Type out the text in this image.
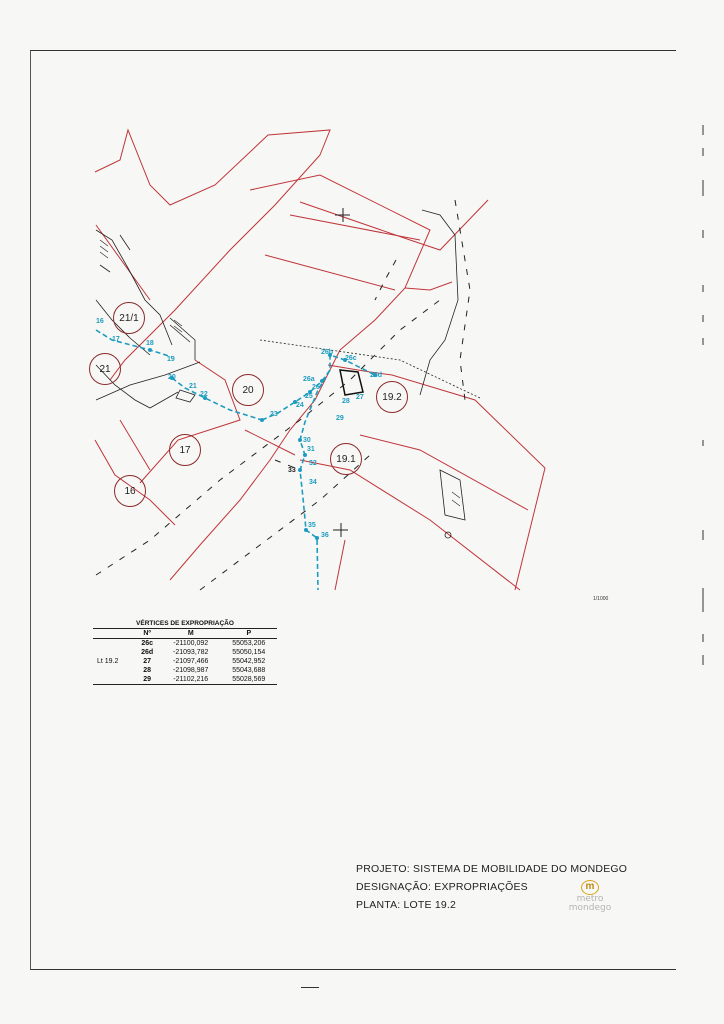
21/1
21
20
17
16
19.1
19.2
16
17
18
19
20
21
22
23
24
25
26
26a
26b
26c
26d
27
28
29
30
31
32
33
34
35
36
1/1000
VÉRTICES DE EXPROPRIAÇÃO
	Nº	M	P
	26c	-21100,092	55053,206
	26d	-21093,782	55050,154
Lt 19.2	27	-21097,466	55042,952
	28	-21098,987	55043,688
	29	-21102,216	55028,569
PROJETO: SISTEMA DE MOBILIDADE DO MONDEGO
DESIGNAÇÃO: EXPROPRIAÇÕES
PLANTA: LOTE 19.2
m
metro
mondego
